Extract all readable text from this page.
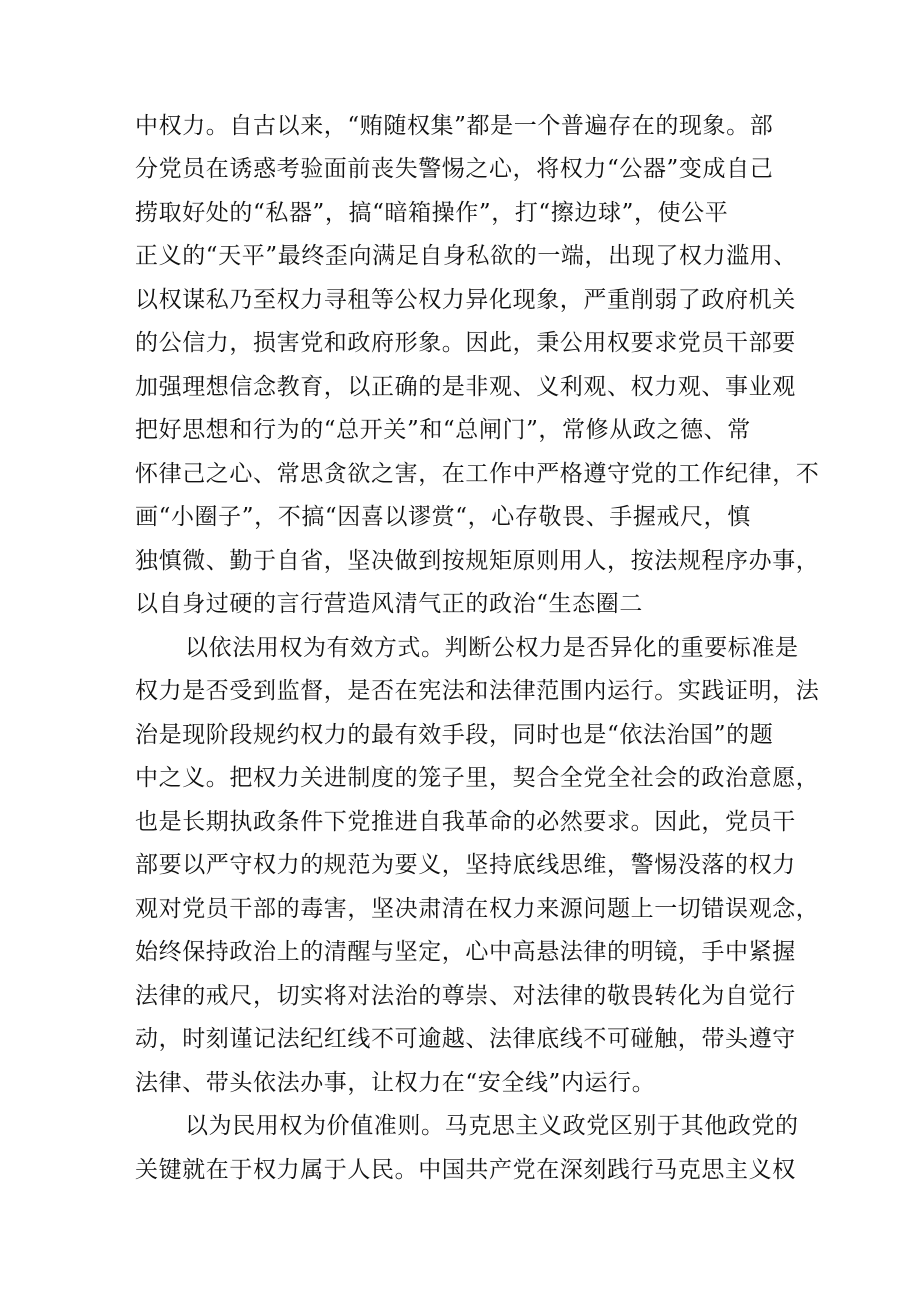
中权力。自古以来，“贿随权集”都是一个普遍存在的现象。部
分党员在诱惑考验面前丧失警惕之心，将权力“公器”变成自己
捞取好处的“私器”，搞“暗箱操作”，打“擦边球”，使公平
正义的“天平”最终歪向满足自身私欲的一端，出现了权力滥用、
以权谋私乃至权力寻租等公权力异化现象，严重削弱了政府机关
的公信力，损害党和政府形象。因此，秉公用权要求党员干部要
加强理想信念教育，以正确的是非观、义利观、权力观、事业观
把好思想和行为的“总开关”和“总闸门”，常修从政之德、常
怀律己之心、常思贪欲之害，在工作中严格遵守党的工作纪律，不
画“小圈子”，不搞“因喜以谬赏“，心存敬畏、手握戒尺，慎
独慎微、勤于自省，坚决做到按规矩原则用人，按法规程序办事，
以自身过硬的言行营造风清气正的政治“生态圈二
以依法用权为有效方式。判断公权力是否异化的重要标准是
权力是否受到监督，是否在宪法和法律范围内运行。实践证明，法
治是现阶段规约权力的最有效手段，同时也是“依法治国”的题
中之义。把权力关进制度的笼子里，契合全党全社会的政治意愿，
也是长期执政条件下党推进自我革命的必然要求。因此，党员干
部要以严守权力的规范为要义，坚持底线思维，警惕没落的权力
观对党员干部的毒害，坚决肃清在权力来源问题上一切错误观念，
始终保持政治上的清醒与坚定，心中高悬法律的明镜，手中紧握
法律的戒尺，切实将对法治的尊崇、对法律的敬畏转化为自觉行
动，时刻谨记法纪红线不可逾越、法律底线不可碰触，带头遵守
法律、带头依法办事，让权力在“安全线”内运行。
以为民用权为价值准则。马克思主义政党区别于其他政党的
关键就在于权力属于人民。中国共产党在深刻践行马克思主义权
